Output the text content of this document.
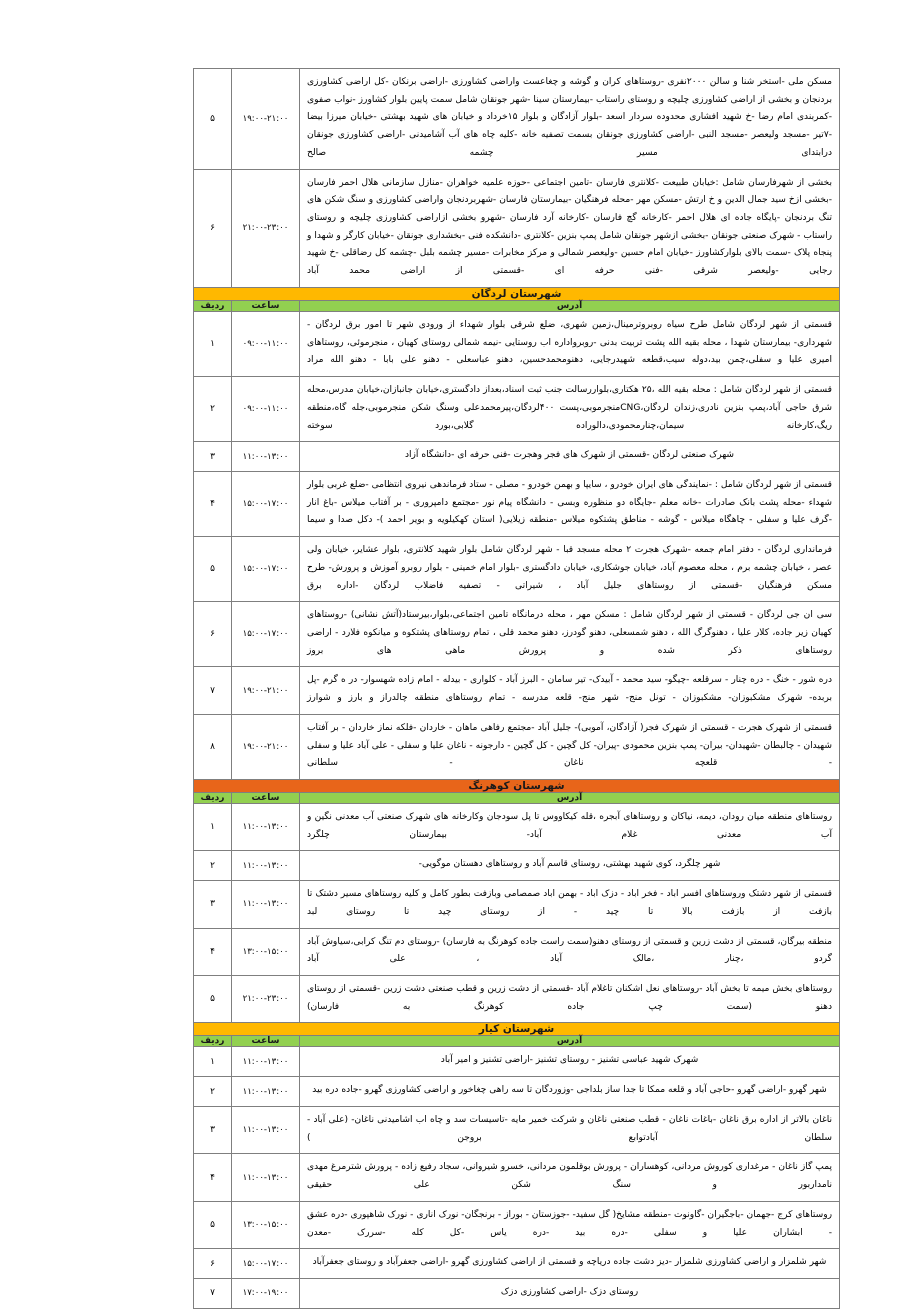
مسکن ملی -استخر شنا و سالن ۲۰۰۰نفری -روستاهای کران و گوشه و چغاعست واراضی کشاورزی -اراضی برنکان -کل اراضی کشاورزی بردنجان و بخشی از اراضی کشاورزی چلیچه و روستای راستاب -بیمارستان سینا -شهر جونقان شامل سمت پایین بلوار کشاورز -نواب صفوی -کمربندی امام رضا -خ شهید افشاری محدوده سردار اسعد -بلوار آزادگان و بلوار ۱۵خرداد و خیابان های شهید بهشتی -خیابان میرزا بیضا -۷تیر -مسجد ولیعصر -مسجد النبی -اراضی کشاورزی جونقان بسمت تصفیه خانه -کلیه چاه های آب آشامیدنی -اراضی کشاورزی جونقان درابتدای مسیر چشمه صالح	۱۹:۰۰-۲۱:۰۰	۵

بخشی از شهرفارسان شامل :خیابان طبیعت -کلانتری فارسان -تامین اجتماعی -حوزه علمیه خواهران -منازل سازمانی هلال احمر فارسان -بخشی ازخ سید جمال الدین و خ ارتش -مسکن مهر -محله فرهنگیان -بیمارستان فارسان -شهربردنجان واراضی کشاورزی و سنگ شکن های تنگ بردنجان -پایگاه جاده ای هلال احمر -کارخانه گچ فارسان -کارخانه آرد فارسان -شهرو بخشی ازاراضی کشاورزی چلیچه و روستای راستاب - شهرک صنعتی جونقان -بخشی ازشهر جونقان شامل پمپ بنزین -کلانتری -دانشکده فنی -بخشداری جونقان -خیابان کارگر و شهدا و پنجاه پلاک -سمت بالای بلوارکشاورز -خیابان امام حسین -ولیعصر شمالی و مرکز مخابرات -مسیر چشمه بلبل -چشمه کل رضاقلی -خ شهید رجایی -ولیعصر شرقی -فنی حرفه ای -قسمتی از اراضی محمد آباد	۲۱:۰۰-۲۳:۰۰	۶
شهرستان لردگان		
آدرس	ساعت	ردیف

قسمتی از شهر لردگان شامل طرح سیاه روبروترمینال،زمین شهری، ضلع شرقی بلوار شهداء از ورودی شهر تا امور برق لردگان - شهرداری- بیمارستان شهدا ، محله بقیه الله پشت تربیت بدنی -روبرواداره اب روستایی -نیمه شمالی روستای کهیان ، منجرموئی، روستاهای امیری علیا و سفلی،چمن بید،دوله سیب،قطعه شهیدرجایی، دهنومحمدحسین، دهنو عباسعلی - دهنو علی بابا - دهنو الله مراد	۰۹:۰۰-۱۱:۰۰	۱

قسمتی از شهر لردگان شامل : محله بقیه الله ،۲۵ هکتاری،بلواررسالت جنب ثبت اسناد،بعداز دادگستری،خیابان جانبازان،خیابان مدرس،محله شرق حاجی آباد،پمپ بنزین نادری،زندان لردگان،CNGمنجرموبی،پست ۴۰۰لردگان،پیرمحمدعلی وسنگ شکن منجرموبی،جله گاه،منطقه ریگ،کارخانه سیمان،چنارمحمودی،دالوراده گلابی،بورد سوخته	۰۹:۰۰-۱۱:۰۰	۲

شهرک صنعتی لردگان -قسمتی از شهرک های فجر وهجرت -فنی حرفه ای -دانشگاه آزاد	۱۱:۰۰-۱۳:۰۰	۳

قسمتی از شهر لردگان شامل : -نمایندگی های ایران خودرو ، سایپا و بهمن خودرو - مصلی - ستاد فرماندهی نیروی انتظامی -ضلع غربی بلوار شهداء -محله پشت بانک صادرات -خانه معلم -جایگاه دو منظوره وبسی - دانشگاه پیام نور -مجتمع دامپروری - بر آفتاب میلاس -باغ انار -گرف علیا و سفلی - چاهگاه میلاس - گوشه - مناطق پشتکوه میلاس -منطقه زیلایی( استان کهکیلویه و بویر احمد )- دکل صدا و سیما	۱۵:۰۰-۱۷:۰۰	۴

فرمانداری لردگان - دفتر امام جمعه -شهرک هجرت ۲ محله مسجد قبا - شهر لردگان شامل بلوار شهید کلانتری، بلوار عشایر، خیابان ولی عصر ، خیابان چشمه برم ، محله معصوم آباد، خیابان جوشکاری، خیابان دادگستری -بلوار امام خمینی - بلوار روبرو آموزش و پرورش- طرح مسکن فرهنگیان -قسمتی از روستاهای جلیل آباد ، شیراتی - تصفیه فاضلاب لردگان -اداره برق	۱۵:۰۰-۱۷:۰۰	۵

سی ان جی لردگان - قسمتی از شهر لردگان شامل : مسکن مهر ، محله درمانگاه تامین اجتماعی،بلوار،بیرستاد(آتش نشانی) -روستاهای کهیان زیر جاده، کلار علیا ، دهنوگرگ الله ، دهنو شمسعلی، دهنو گودرز، دهنو محمد قلی ، تمام روستاهای پشتکوه و میانکوه فلارد - اراضی روستاهای ذکر شده و پرورش ماهی های بروز	۱۵:۰۰-۱۷:۰۰	۶

دره شور - خنگ - دره چنار - سرقلعه -چیگو- سید محمد - آبیدک- تیر سامان - البرز آباد - کلواری - بیدله - امام زاده شهسوار- در ه گرم -پل بربده- شهرک مشکبوزان- مشکبوزان - تونل منج- شهر منج- قلعه مدرسه - تمام روستاهای منطقه چالدراز و بارز و شوارز	۱۹:۰۰-۲۱:۰۰	۷

قسمتی از شهرک هجرت - قسمتی از شهرک فجر( آزادگان، آموبی)- جلیل آباد -مجتمع رفاهی ماهان - خاردان -فلکه نماز خاردان - بر آفتاب شهیدان - چالبطان -شهیدان- بیران- پمپ بنزین محمودی -پیران- کل گچین - کل گچین - دارجونه - ناغان علیا و سفلی - علی آباد علیا و سفلی - قلعچه ناغان - سلطانی	۱۹:۰۰-۲۱:۰۰	۸
شهرستان کوهرنگ		
آدرس	ساعت	ردیف

روستاهای منطقه میان رودان، دیمه، نیاکان و روستاهای آبجره ،قله کیکاووس تا پل سودجان وکارخانه های شهرک صنعتی آب معدنی نگین و آب معدنی غلام آباد- بیمارستان چلگرد	۱۱:۰۰-۱۳:۰۰	۱

شهر چلگرد، کوی شهید بهشتی، روستای قاسم آباد و روستاهای دهستان موگویی-	۱۱:۰۰-۱۳:۰۰	۲

قسمتی از شهر دشتک وروستاهای افسر اباد - فخر اباد - دزک اباد - بهمن اباد صمصامی وبازفت بطور کامل و کلیه روستاهای مسیر دشتک تا بازفت از بازفت بالا تا چید - از روستای چید تا روستای لبد	۱۱:۰۰-۱۳:۰۰	۳

منطقه بیرگان، قسمتی از دشت زرین و قسمتی از روستای دهنو(سمت راست جاده کوهرنگ به فارسان) -روستای دم تنگ کرابی،سیاوش آباد گردو ،چنار ،مالک آباد ، علی آباد	۱۳:۰۰-۱۵:۰۰	۴

روستاهای بخش میمه تا بخش آباد -روستاهای نعل اشکنان تاغلام آباد -قسمتی از دشت زرین و قطب صنعتی دشت زرین -قسمتی از روستای دهنو (سمت چپ جاده کوهرنگ به فارسان)	۲۱:۰۰-۲۳:۰۰	۵
شهرستان کیار		
آدرس	ساعت	ردیف

شهرک شهید عباسی تشنیز - روستای تشنیز -اراضی تشنیز و امیر آباد	۱۱:۰۰-۱۳:۰۰	۱

شهر گهرو -اراضی گهرو -حاجی آباد و قلعه ممکا تا جدا ساز بلداجی -وزوردگان تا سه راهی چغاخور و اراضی کشاورزی گهرو -جاده دره بید	۱۱:۰۰-۱۳:۰۰	۲

ناغان بالاتر از اداره برق ناغان -باغات ناغان - قطب صنعتی ناغان و شرکت خمیر مایه -تاسیسات سد و چاه اب اشامیدنی ناغان- (علی آباد - سلطان آبادتوابع بروجن )	۱۱:۰۰-۱۳:۰۰	۳

پمپ گاز ناغان - مرغداری کوروش مردانی، کوهساران - پرورش بوقلمون مردانی، خسرو شیروانی، سجاد رفیع زاده - پرورش شترمرغ مهدی نامداربور و سنگ شکن علی حقیقی	۱۱:۰۰-۱۳:۰۰	۴

روستاهای کرج -جهمان -باجگیران -گاونوت -منطقه مشایخ( گل سفید- -جوزستان - بوراز - برنجگان- نورک اناری - نورک شاهپوری -دره عشق - ابشاران علیا و سفلی -دره بید -دره یاس -کل کله -سررک -معدن	۱۳:۰۰-۱۵:۰۰	۵

شهر شلمزار و اراضی کشاورزی شلمزار -دیز دشت جاده دریاچه و قسمتی از اراضی کشاورزی گهرو -اراضی جعفرآباد و روستای جعفرآباد	۱۵:۰۰-۱۷:۰۰	۶

روستای دزک -اراضی کشاورزی دزک	۱۷:۰۰-۱۹:۰۰	۷
